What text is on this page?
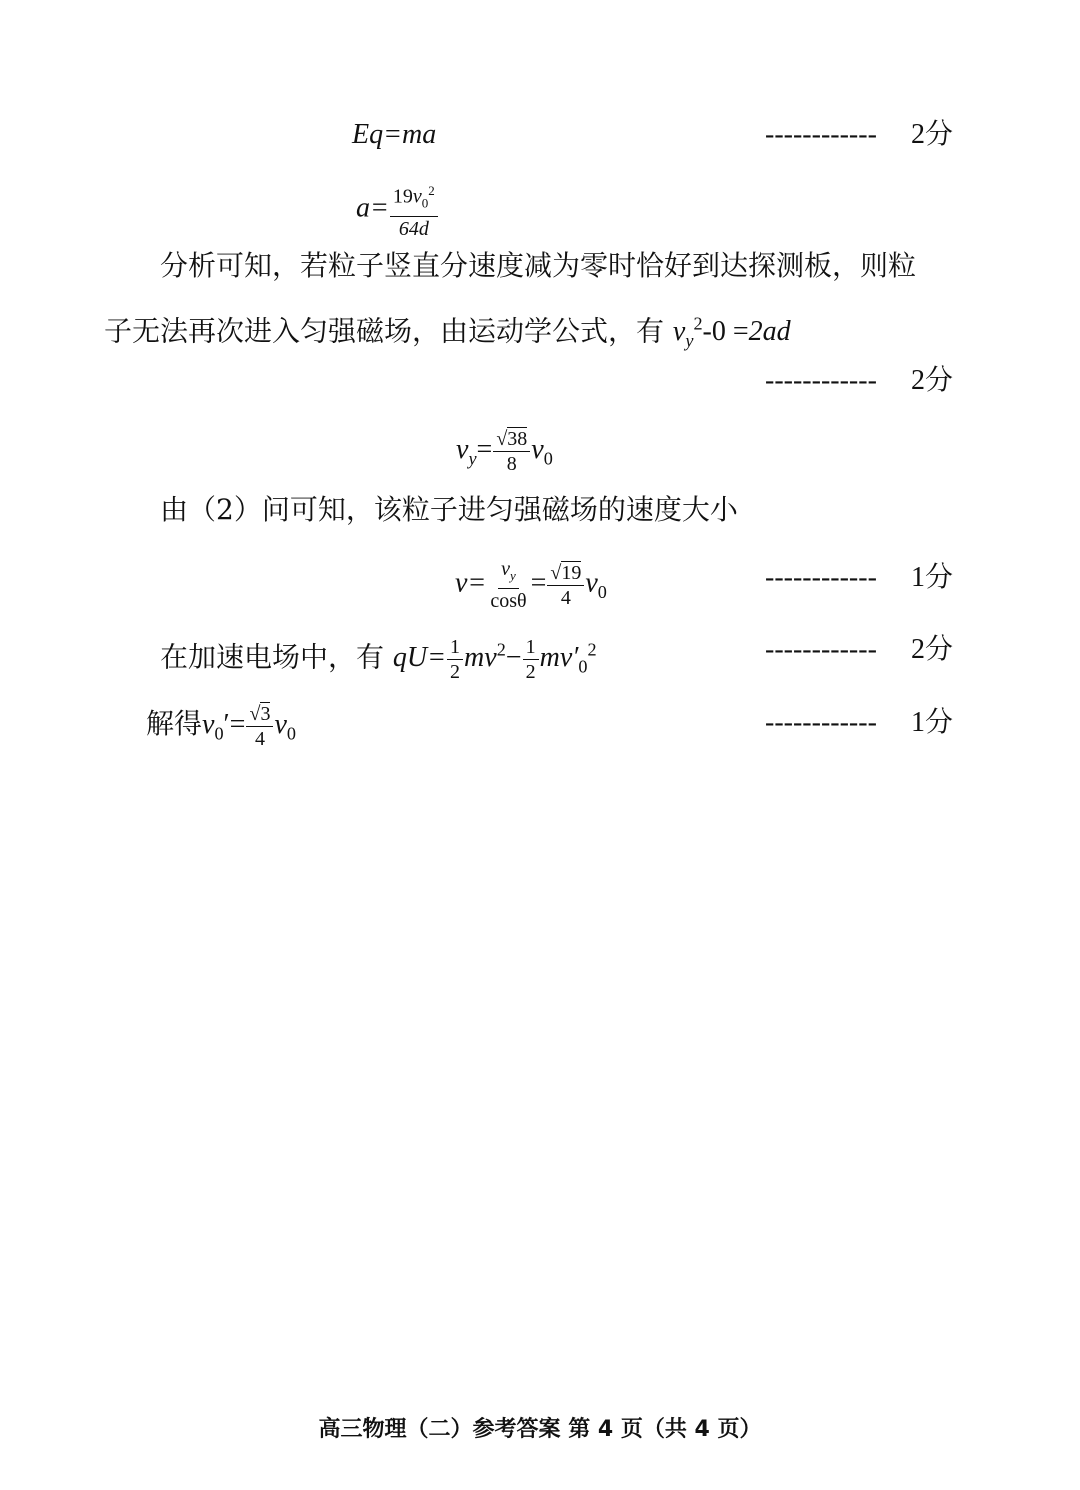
Eq=ma	------------ 2分
$a= \frac{19v_0^2}{64d}$
分析可知，若粒子竖直分速度减为零时恰好到达探测板，则粒
子无法再次进入匀强磁场，由运动学公式，有 $v_y^2-0 =2ad$
------------ 2分
$v_y=$ √ $\frac{38}{8} v_0$
由（2）问可知，该粒子进匀强磁场的速度大小
$v= \frac{v_y}{\cos\theta}$ = √ $\frac{19}{4} v_0$	------------ 1分
在加速电场中，有 $qU= \frac{1}{2} mv^2- \frac{1}{2} mv'_0^2$	------------ 2分
解得$v_0'=$ √ $\frac{3}{4} v_0$	------------ 1分
高三物理（二）参考答案 第 4 页（共 4 页）
